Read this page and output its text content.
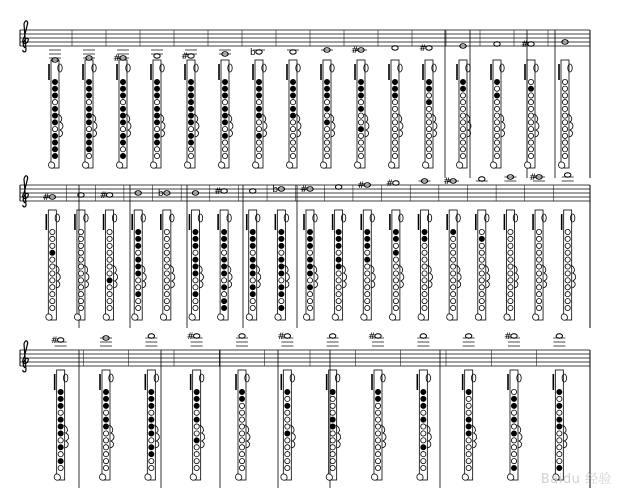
#	#	b	#	#	#
#	#	b	#	b #	# #	#	#
#	#	#	#	#
Baidu 经验
